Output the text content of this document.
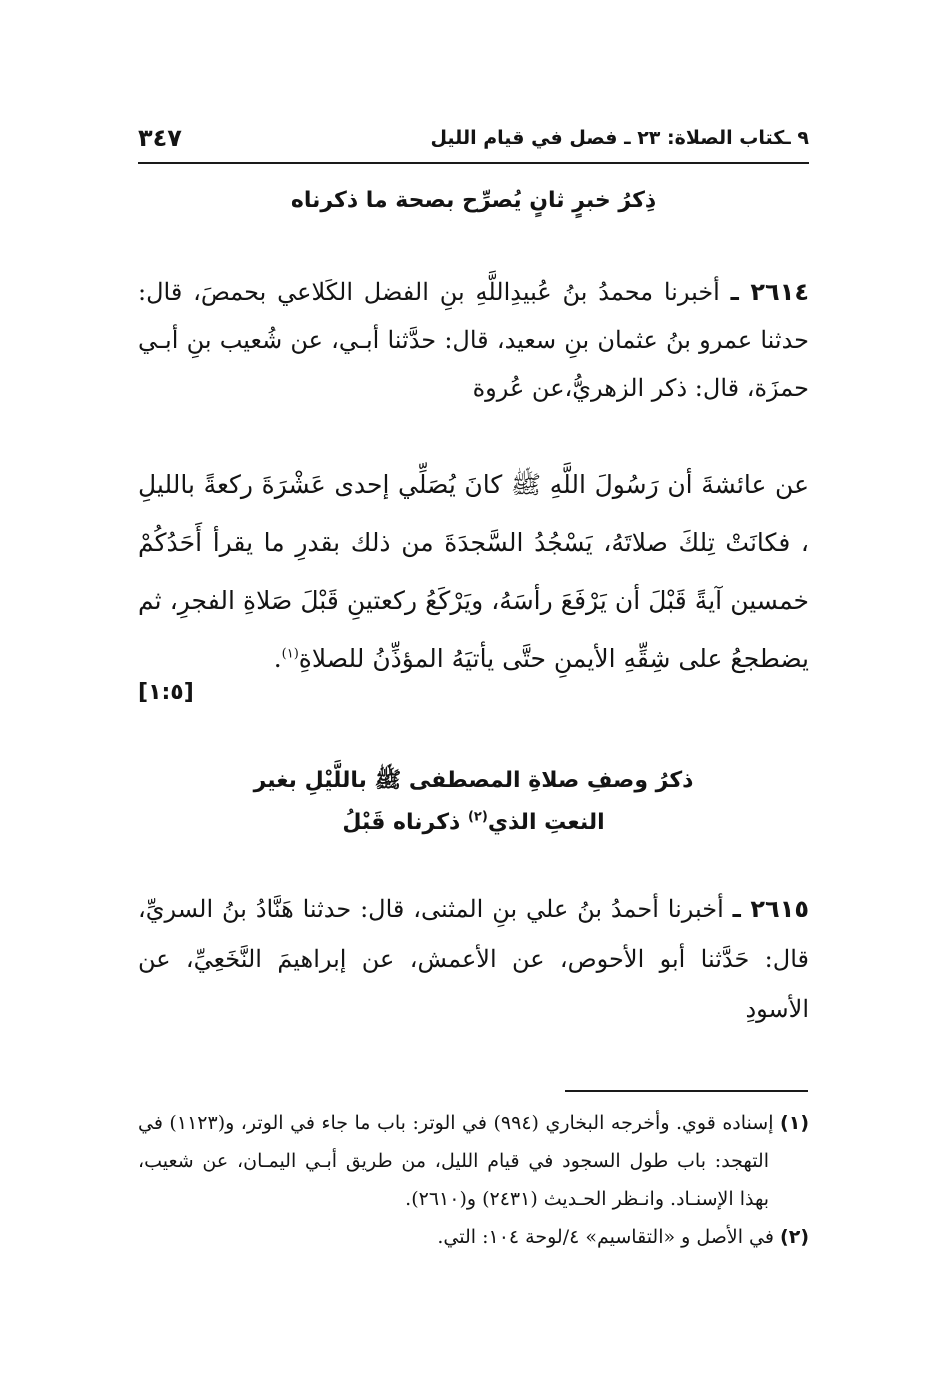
٩ ـكتاب الصلاة: ٢٣ ـ فصل في قيام الليل
٣٤٧
ذِكرُ خبرٍ ثانٍ يُصرِّح بصحة ما ذكرناه
٢٦١٤ ـ أخبرنا محمدُ بنُ عُبيدِاللَّهِ بنِ الفضل الكَلاعي بحمصَ، قال: حدثنا عمرو بنُ عثمان بنِ سعيد، قال: حدَّثنا أبـي، عن شُعيب بنِ أبـي حمزَة، قال: ذكر الزهريُّ،عن عُروة
عن عائشةَ أن رَسُولَ اللَّهِ ﷺ كانَ يُصَلِّي إحدى عَشْرَةَ ركعةً بالليلِ ، فكانَتْ تِلكَ صلاتَهُ، يَسْجُدُ السَّجدَةَ من ذلك بقدرِ ما يقرأ أَحَدُكُمْ خمسين آيةً قَبْلَ أن يَرْفَعَ رأسَهُ، ويَرْكَعُ ركعتينِ قَبْلَ صَلاةِ الفجرِ، ثم يضطجعُ على شِقِّهِ الأيمنِ حتَّى يأتيَهُ المؤذِّنُ للصلاةِ$^{(١)}$.
[١:٥]
ذكرُ وصفِ صلاةِ المصطفى ﷺ باللَّيْلِ بغير
النعتِ الذي$^{(٢)}$ ذكرناه قَبْلُ
٢٦١٥ ـ أخبرنا أحمدُ بنُ علي بنِ المثنى، قال: حدثنا هَنَّادُ بنُ السريِّ، قال: حَدَّثنا أبو الأحوص، عن الأعمش، عن إبراهيمَ النَّخَعِيِّ، عن الأسودِ
(١) إسناده قوي. وأخرجه البخاري (٩٩٤) في الوتر: باب ما جاء في الوتر، و(١١٢٣) في التهجد: باب طول السجود في قيام الليل، من طريق أبـي اليمـان، عن شعيب، بهذا الإسنـاد. وانـظر الحـديث (٢٤٣١) و(٢٦١٠).
(٢) في الأصل و «التقاسيم» ٤/لوحة ١٠٤: التي.
